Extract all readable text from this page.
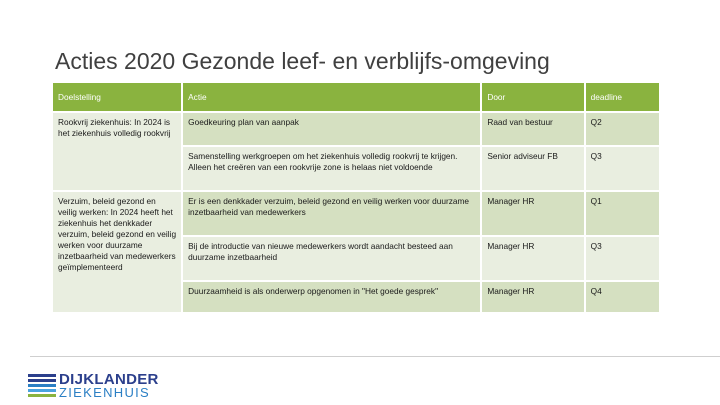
Acties 2020 Gezonde leef- en verblijfs-omgeving
Doelstelling	Actie	Door	deadline
Rookvrij ziekenhuis: In 2024 is het ziekenhuis volledig rookvrij	Goedkeuring plan van aanpak	Raad van bestuur	Q2
	Samenstelling werkgroepen om het ziekenhuis volledig rookvrij te krijgen. Alleen het creëren van een rookvrije zone is helaas niet voldoende	Senior adviseur FB	Q3
Verzuim, beleid gezond en veilig werken: In 2024 heeft het ziekenhuis het denkkader verzuim, beleid gezond en veilig werken voor duurzame inzetbaarheid van medewerkers geïmplementeerd	Er is een denkkader verzuim, beleid gezond en veilig werken voor duurzame inzetbaarheid van medewerkers	Manager HR	Q1
	Bij de introductie van nieuwe medewerkers wordt aandacht besteed aan duurzame inzetbaarheid	Manager HR	Q3
	Duurzaamheid is als onderwerp opgenomen in "Het goede gesprek"	Manager HR	Q4
DIJKLANDER
ZIEKENHUIS
